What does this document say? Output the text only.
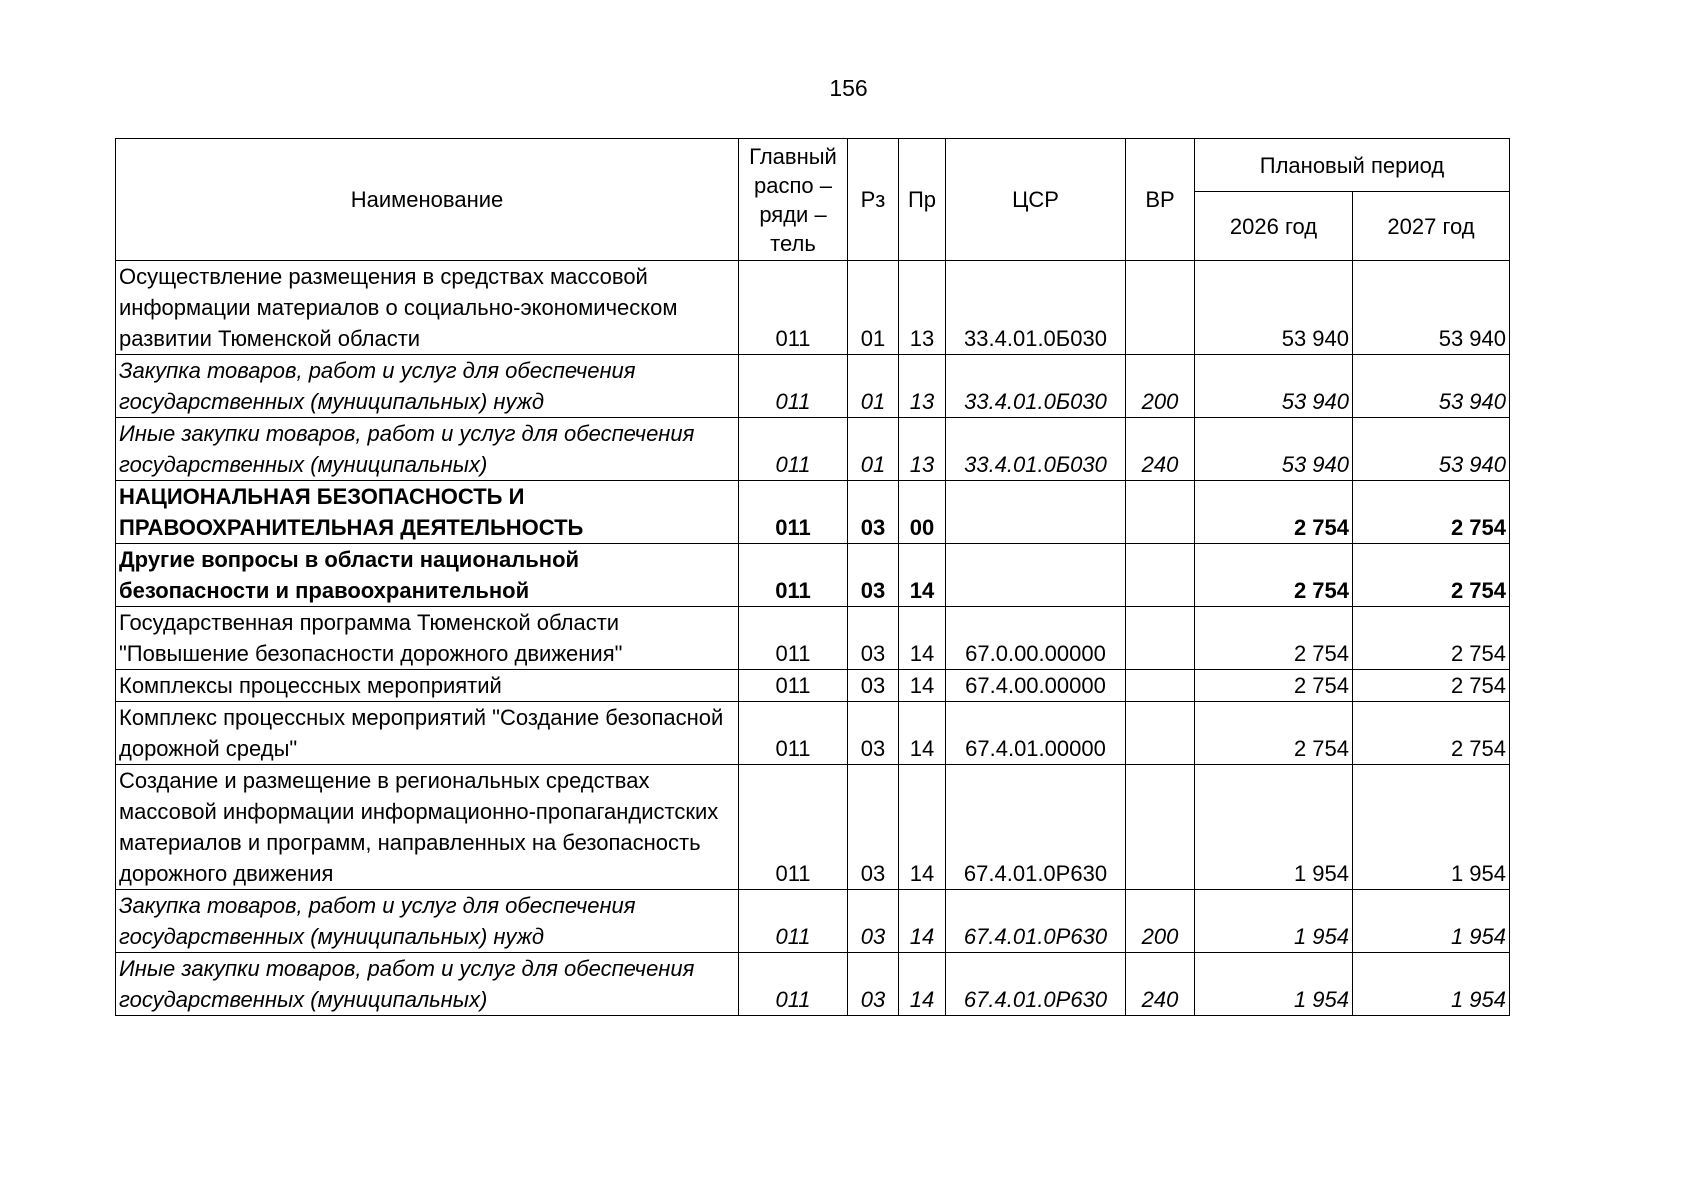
156
Наименование	Главный распо – ряди – тель	Рз	Пр	ЦСР	ВР	Плановый период	
						2026 год	2027 год
Осуществление размещения в средствах массовой информации материалов о социально-экономическом развитии Тюменской области	011	01	13	33.4.01.0Б030		53 940	53 940
Закупка товаров, работ и услуг для обеспечения государственных (муниципальных) нужд	011	01	13	33.4.01.0Б030	200	53 940	53 940
Иные закупки товаров, работ и услуг для обеспечения государственных (муниципальных)	011	01	13	33.4.01.0Б030	240	53 940	53 940
НАЦИОНАЛЬНАЯ БЕЗОПАСНОСТЬ И ПРАВООХРАНИТЕЛЬНАЯ ДЕЯТЕЛЬНОСТЬ	011	03	00			2 754	2 754
Другие вопросы в области национальной безопасности и правоохранительной	011	03	14			2 754	2 754
Государственная программа Тюменской области "Повышение безопасности дорожного движения"	011	03	14	67.0.00.00000		2 754	2 754
Комплексы процессных мероприятий	011	03	14	67.4.00.00000		2 754	2 754
Комплекс процессных мероприятий "Создание безопасной дорожной среды"	011	03	14	67.4.01.00000		2 754	2 754
Создание и размещение в региональных средствах массовой информации информационно-пропагандистских материалов и программ, направленных на безопасность дорожного движения	011	03	14	67.4.01.0Р630		1 954	1 954
Закупка товаров, работ и услуг для обеспечения государственных (муниципальных) нужд	011	03	14	67.4.01.0Р630	200	1 954	1 954
Иные закупки товаров, работ и услуг для обеспечения государственных (муниципальных)	011	03	14	67.4.01.0Р630	240	1 954	1 954
